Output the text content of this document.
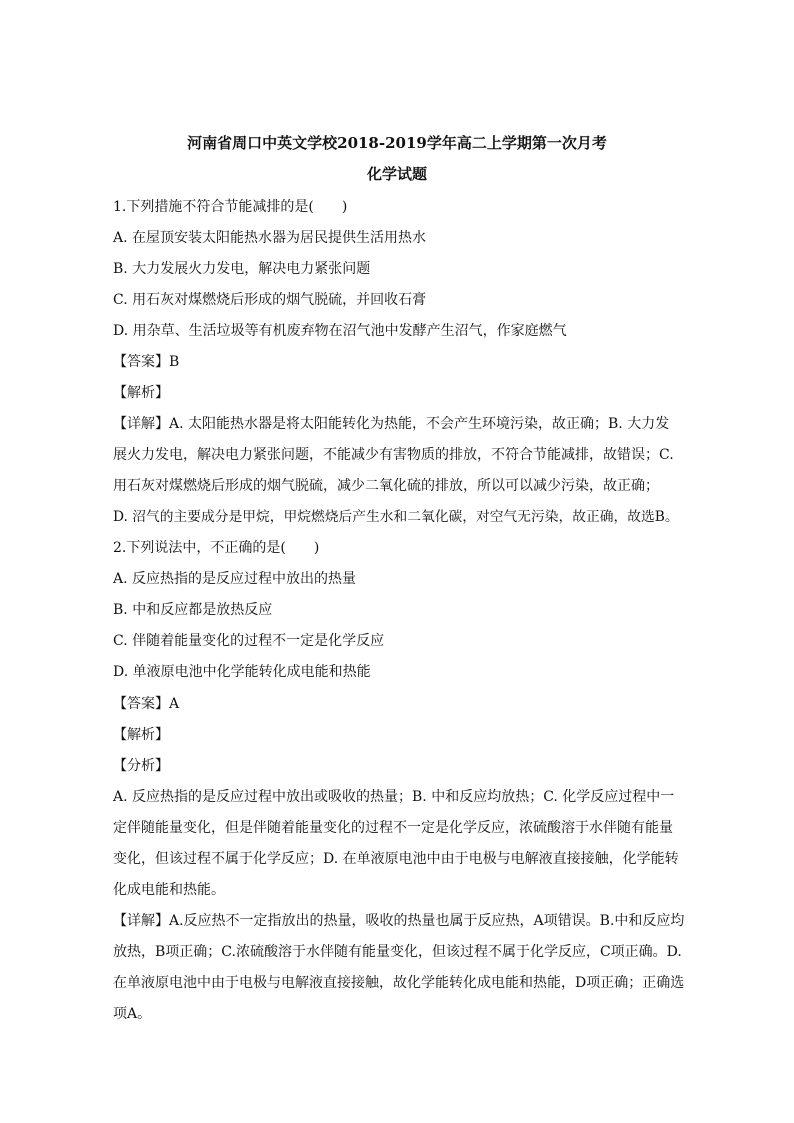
河南省周口中英文学校2018-2019学年高二上学期第一次月考
化学试题
1.下列措施不符合节能减排的是(　　)
A. 在屋顶安装太阳能热水器为居民提供生活用热水
B. 大力发展火力发电，解决电力紧张问题
C. 用石灰对煤燃烧后形成的烟气脱硫，并回收石膏
D. 用杂草、生活垃圾等有机废弃物在沼气池中发酵产生沼气，作家庭燃气
【答案】B
【解析】
【详解】A. 太阳能热水器是将太阳能转化为热能，不会产生环境污染，故正确；B. 大力发
展火力发电，解决电力紧张问题，不能减少有害物质的排放，不符合节能减排，故错误；C.
用石灰对煤燃烧后形成的烟气脱硫，减少二氧化硫的排放，所以可以减少污染，故正确；
D. 沼气的主要成分是甲烷，甲烷燃烧后产生水和二氧化碳，对空气无污染，故正确，故选B。
2.下列说法中，不正确的是(　　)
A. 反应热指的是反应过程中放出的热量
B. 中和反应都是放热反应
C. 伴随着能量变化的过程不一定是化学反应
D. 单液原电池中化学能转化成电能和热能
【答案】A
【解析】
【分析】
A. 反应热指的是反应过程中放出或吸收的热量；B. 中和反应均放热；C. 化学反应过程中一
定伴随能量变化，但是伴随着能量变化的过程不一定是化学反应，浓硫酸溶于水伴随有能量
变化，但该过程不属于化学反应；D. 在单液原电池中由于电极与电解液直接接触，化学能转
化成电能和热能。
【详解】A.反应热不一定指放出的热量，吸收的热量也属于反应热，A项错误。B.中和反应均
放热，B项正确；C.浓硫酸溶于水伴随有能量变化，但该过程不属于化学反应，C项正确。D.
在单液原电池中由于电极与电解液直接接触，故化学能转化成电能和热能，D项正确；正确选
项A。
